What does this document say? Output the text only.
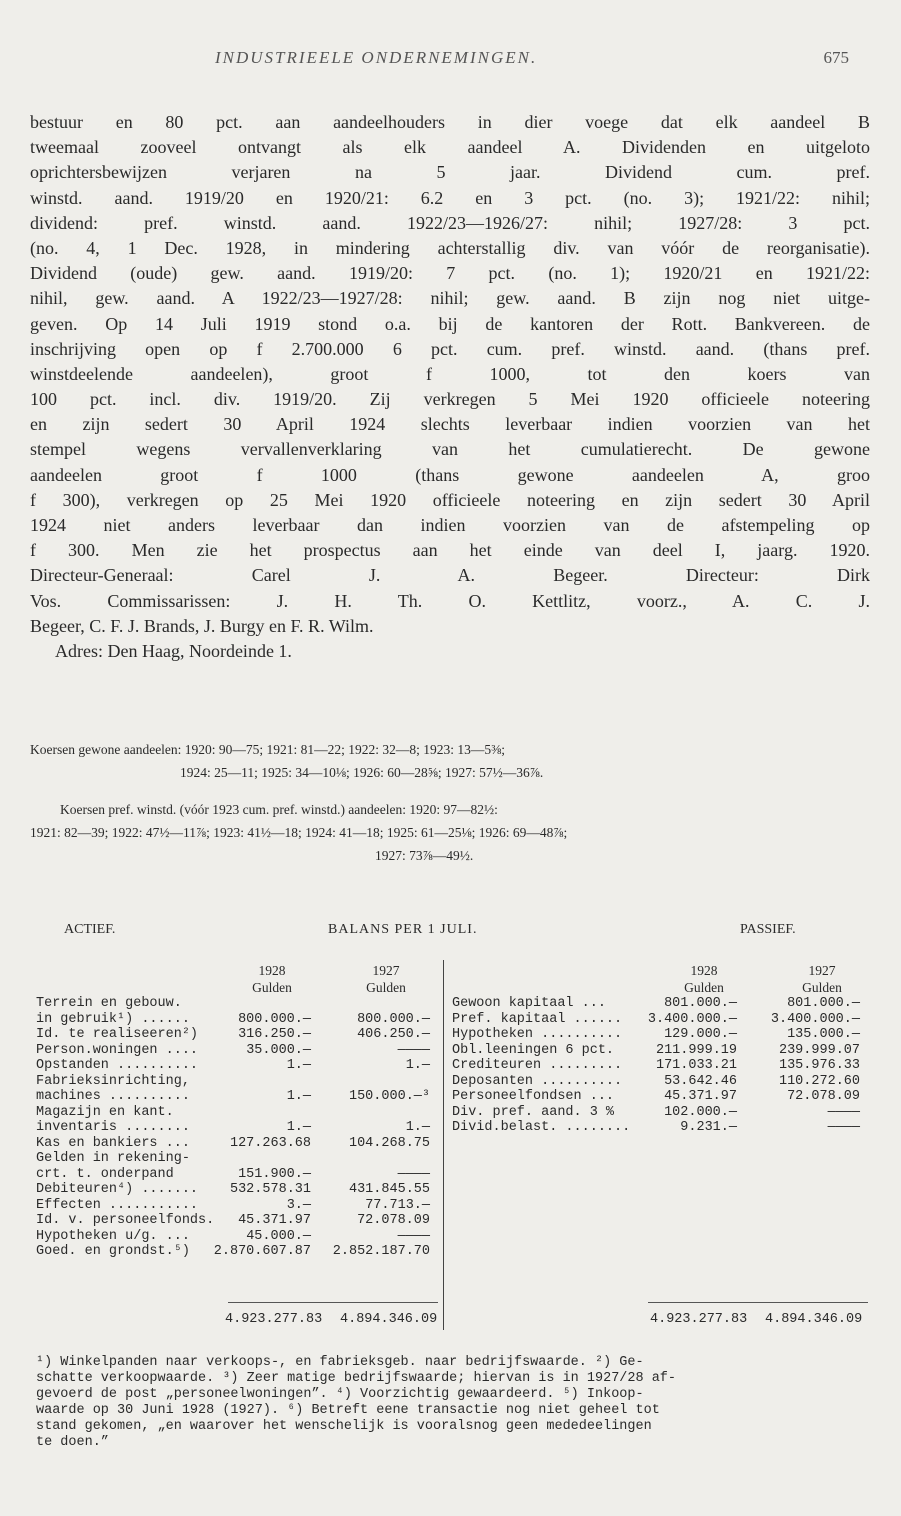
INDUSTRIEELE ONDERNEMINGEN.	675
bestuur en 80 pct. aan aandeelhouders in dier voege dat elk aandeel B
tweemaal zooveel ontvangt als elk aandeel A. Dividenden en uitgeloto
oprichtersbewijzen verjaren na 5 jaar. Dividend cum. pref.
winstd. aand. 1919/20 en 1920/21: 6.2 en 3 pct. (no. 3); 1921/22: nihil;
dividend: pref. winstd. aand. 1922/23—1926/27: nihil; 1927/28: 3 pct.
(no. 4, 1 Dec. 1928, in mindering achterstallig div. van vóór de reorganisatie).
Dividend (oude) gew. aand. 1919/20: 7 pct. (no. 1); 1920/21 en 1921/22:
nihil, gew. aand. A 1922/23—1927/28: nihil; gew. aand. B zijn nog niet uitge-
geven. Op 14 Juli 1919 stond o.a. bij de kantoren der Rott. Bankvereen. de
inschrijving open op f 2.700.000 6 pct. cum. pref. winstd. aand. (thans pref.
winstdeelende aandeelen), groot f 1000, tot den koers van
100 pct. incl. div. 1919/20. Zij verkregen 5 Mei 1920 officieele noteering
en zijn sedert 30 April 1924 slechts leverbaar indien voorzien van het
stempel wegens vervallenverklaring van het cumulatierecht. De gewone
aandeelen groot f 1000 (thans gewone aandeelen A, groo
f 300), verkregen op 25 Mei 1920 officieele noteering en zijn sedert 30 April
1924 niet anders leverbaar dan indien voorzien van de afstempeling op
f 300. Men zie het prospectus aan het einde van deel I, jaarg. 1920.
Directeur-Generaal: Carel J. A. Begeer. Directeur: Dirk
Vos. Commissarissen: J. H. Th. O. Kettlitz, voorz., A. C. J.
Begeer, C. F. J. Brands, J. Burgy en F. R. Wilm.
Adres: Den Haag, Noordeinde 1.
Koersen gewone aandeelen: 1920: 90—75; 1921: 81—22; 1922: 32—8; 1923: 13—5⅜;
1924: 25—11; 1925: 34—10⅛; 1926: 60—28⅝; 1927: 57½—36⅞.
Koersen pref. winstd. (vóór 1923 cum. pref. winstd.) aandeelen: 1920: 97—82½:
1921: 82—39; 1922: 47½—11⅞; 1923: 41½—18; 1924: 41—18; 1925: 61—25⅛; 1926: 69—48⅞;
1927: 73⅞—49½.
ACTIEF.	BALANS PER 1 JULI.	PASSIEF.
1928
Gulden
1927
Gulden
1928
Gulden
1927
Gulden
Terrein en gebouw.
in gebruik¹) ......	800.000.—	800.000.—
Id. te realiseeren²)	316.250.—	406.250.—
Person.woningen ....	35.000.—	————
Opstanden ..........	1.—	1.—
Fabrieksinrichting,
machines ..........	1.—	150.000.—³
Magazijn en kant.
inventaris ........	1.—	1.—
Kas en bankiers ...	127.263.68	104.268.75
Gelden in rekening-
crt. t. onderpand	151.900.—	————
Debiteuren⁴) ....... 532.578.31	431.845.55
Effecten ...........	3.—	77.713.—
Id. v. personeelfonds. 45.371.97	72.078.09
Hypotheken u/g. ...	45.000.—	————
Goed. en grondst.⁵) 2.870.607.87 2.852.187.70
Gewoon kapitaal ...	801.000.—	801.000.—
Pref. kapitaal ...... 3.400.000.—	3.400.000.—
Hypotheken ..........	129.000.—	135.000.—
Obl.leeningen 6 pct.	211.999.19	239.999.07
Crediteuren .........	171.033.21	135.976.33
Deposanten ..........	53.642.46	110.272.60
Personeelfondsen ...	45.371.97	72.078.09
Div. pref. aand. 3 %	102.000.—	————
Divid.belast. ........	9.231.—	————
4.923.277.83 4.894.346.09	4.923.277.83 4.894.346.09
¹) Winkelpanden naar verkoops-, en fabrieksgeb. naar bedrijfswaarde. ²) Ge-
schatte verkoopwaarde. ³) Zeer matige bedrijfswaarde; hiervan is in 1927/28 af-
gevoerd de post „personeelwoningen”. ⁴) Voorzichtig gewaardeerd. ⁵) Inkoop-
waarde op 30 Juni 1928 (1927). ⁶) Betreft eene transactie nog niet geheel tot
stand gekomen, „en waarover het wenschelijk is vooralsnog geen mededeelingen
te doen.”
